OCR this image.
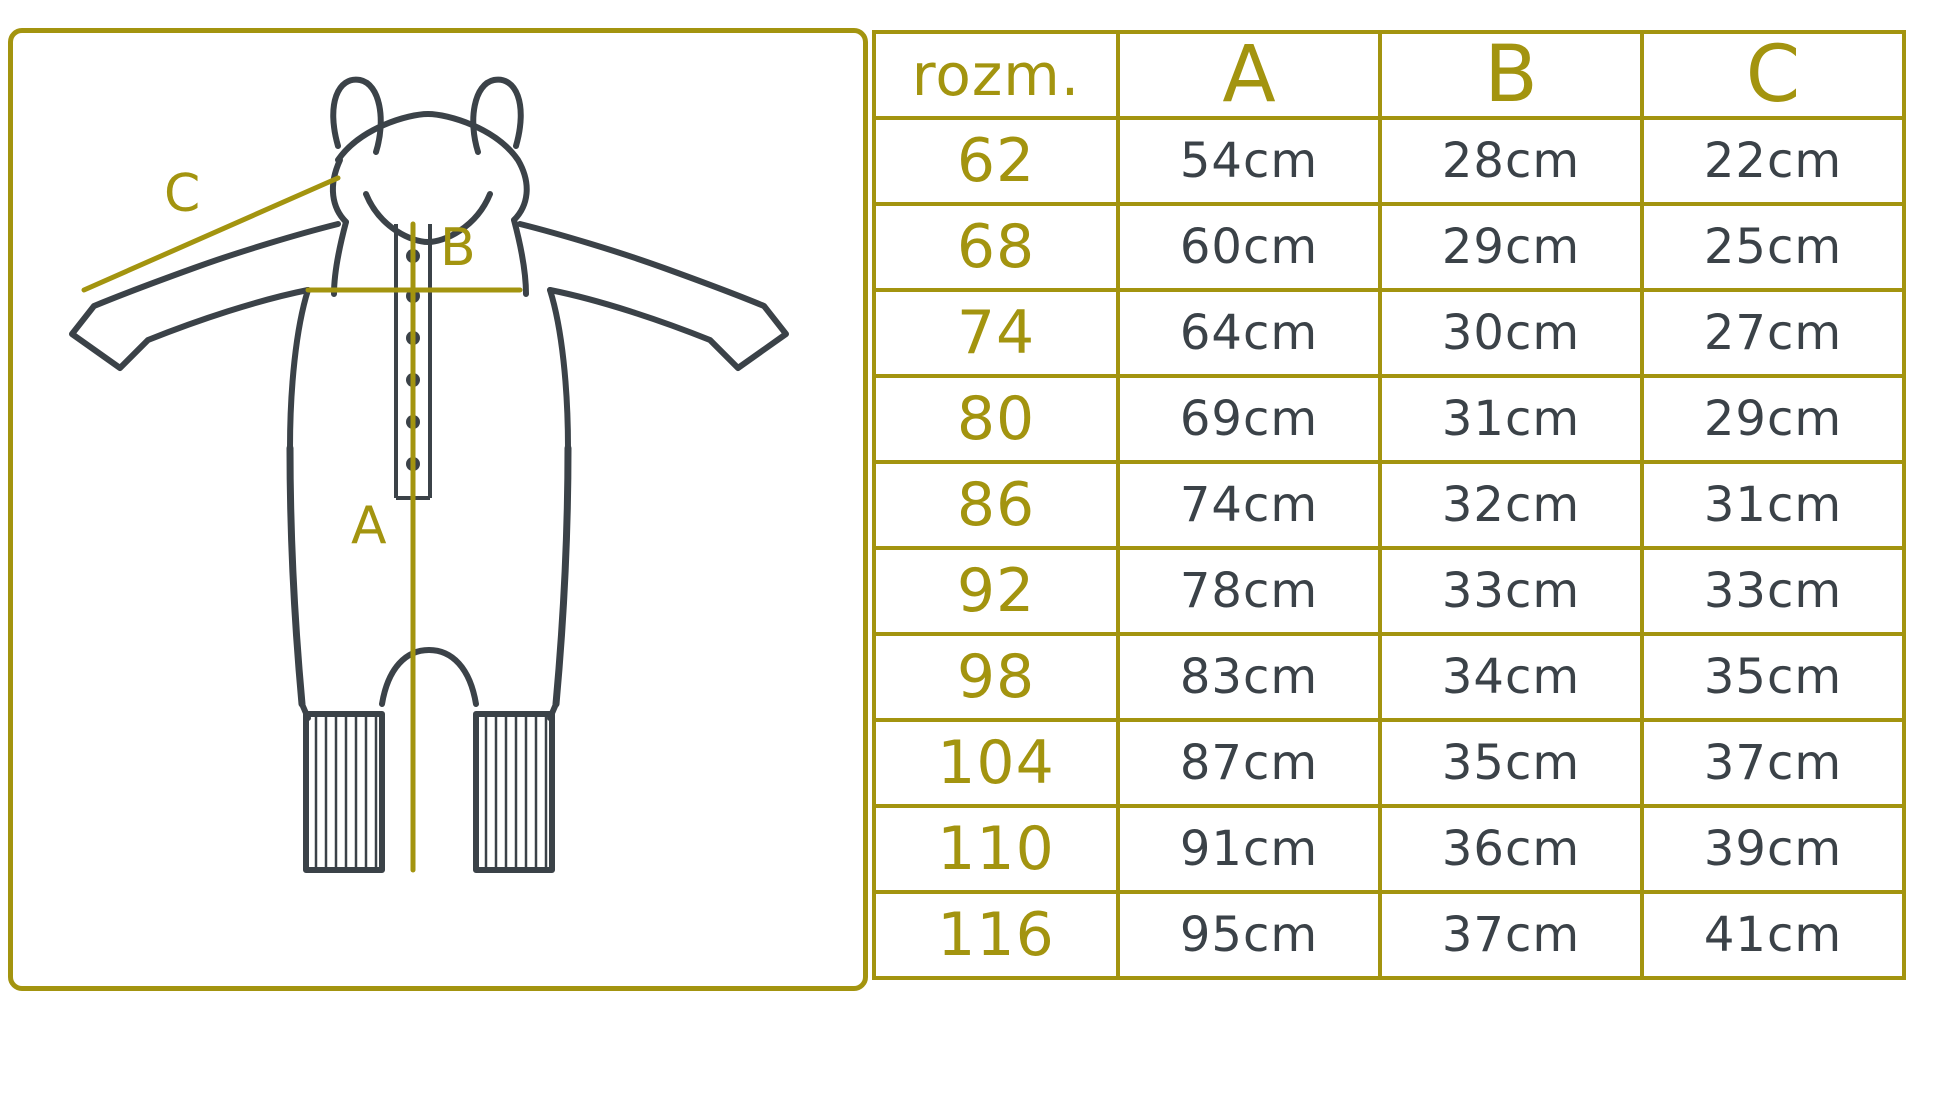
C
B
A
rozm.	A	B	C
62	54cm	28cm	22cm
68	60cm	29cm	25cm
74	64cm	30cm	27cm
80	69cm	31cm	29cm
86	74cm	32cm	31cm
92	78cm	33cm	33cm
98	83cm	34cm	35cm
104	87cm	35cm	37cm
110	91cm	36cm	39cm
116	95cm	37cm	41cm
